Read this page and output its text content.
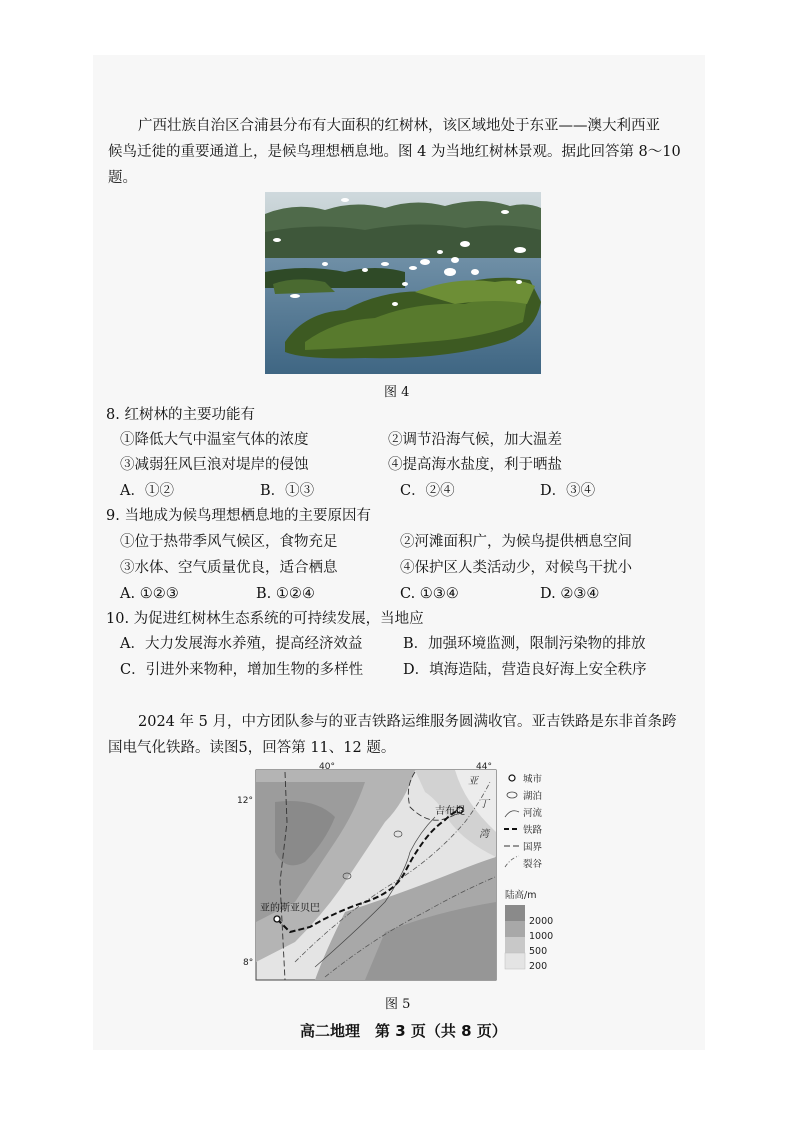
广西壮族自治区合浦县分布有大面积的红树林，该区域地处于东亚——澳大利西亚
候鸟迁徙的重要通道上，是候鸟理想栖息地。图 4 为当地红树林景观。据此回答第 8～10
题。
图 4
8. 红树林的主要功能有
①降低大气中温室气体的浓度	②调节沿海气候，加大温差
③减弱狂风巨浪对堤岸的侵蚀	④提高海水盐度，利于晒盐
A．①②	B．①③	C．②④	D．③④
9. 当地成为候鸟理想栖息地的主要原因有
①位于热带季风气候区，食物充足	②河滩面积广，为候鸟提供栖息空间
③水体、空气质量优良，适合栖息	④保护区人类活动少，对候鸟干扰小
A. ①②③	B. ①②④	C. ①③④	D. ②③④
10. 为促进红树林生态系统的可持续发展，当地应
A．大力发展海水养殖，提高经济效益	B．加强环境监测，限制污染物的排放
C．引进外来物种，增加生物的多样性	D．填海造陆，营造良好海上安全秩序
2024 年 5 月，中方团队参与的亚吉铁路运维服务圆满收官。亚吉铁路是东非首条跨
国电气化铁路。读图5，回答第 11、12 题。
亚的斯亚贝巴
吉布提
亚
丁
湾
40°	44°
12°
8°
城市
湖泊
河流
铁路
国界
裂谷
陆高/m
2000
1000
500
200
图 5
高二地理　第 3 页（共 8 页）
